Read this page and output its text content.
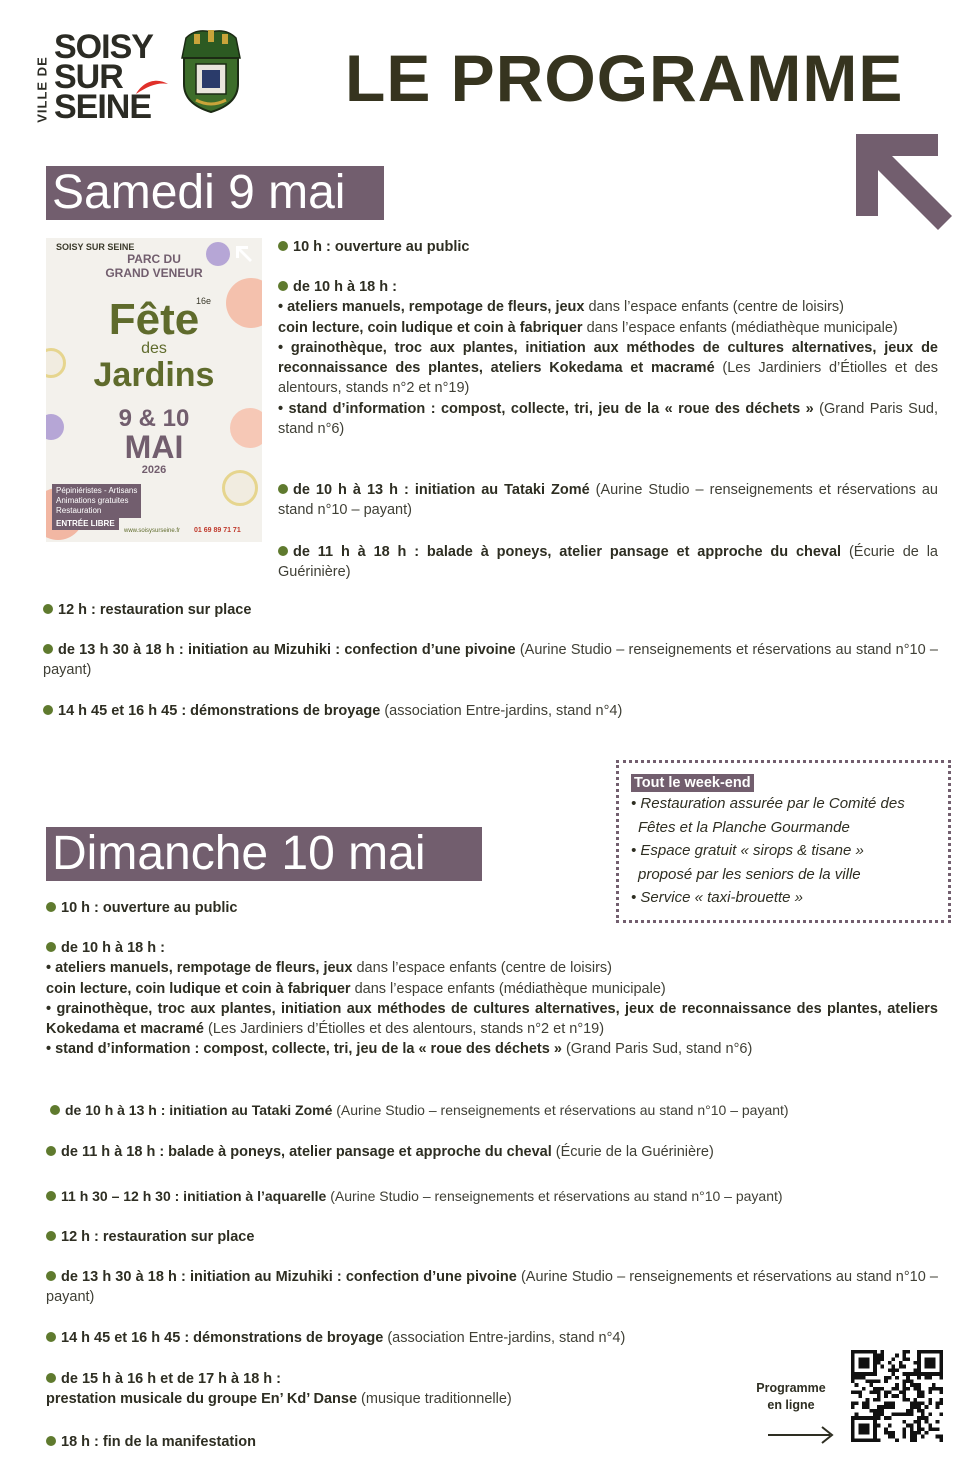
VILLE DE
SOISY
SUR
SEINE	LE PROGRAMME
Samedi 9 mai
SOISY SUR SEINE
PARC DU
GRAND VENEUR
Fête
16e
des
Jardins
9 & 10
MAI
2026
Pépiniéristes - Artisans
Animations gratuites
Restauration
ENTRÉE LIBRE
www.soisysurseine.fr 01 69 89 71 71
10 h : ouverture au public
de 10 h à 18 h :
• ateliers manuels, rempotage de fleurs, jeux dans l’espace enfants (centre de loisirs)
coin lecture, coin ludique et coin à fabriquer dans l’espace enfants (médiathèque municipale)
• grainothèque, troc aux plantes, initiation aux méthodes de cultures alternatives, jeux de reconnaissance des plantes, ateliers Kokedama et macramé (Les Jardiniers d’Étiolles et des alentours, stands n°2 et n°19)
• stand d’information : compost, collecte, tri, jeu de la « roue des déchets » (Grand Paris Sud, stand n°6)
de 10 h à 13 h : initiation au Tataki Zomé (Aurine Studio – renseignements et réservations au stand n°10 – payant)
de 11 h à 18 h : balade à poneys, atelier pansage et approche du cheval (Écurie de la Guérinière)
12 h : restauration sur place
de 13 h 30 à 18 h : initiation au Mizuhiki : confection d’une pivoine (Aurine Studio – renseignements et réservations au stand n°10 – payant)
14 h 45 et 16 h 45 : démonstrations de broyage (association Entre-jardins, stand n°4)
Tout le week-end
• Restauration assurée par le Comité des
Fêtes et la Planche Gourmande
• Espace gratuit « sirops & tisane »
proposé par les seniors de la ville
• Service « taxi-brouette »
Dimanche 10 mai
10 h : ouverture au public
de 10 h à 18 h :
• ateliers manuels, rempotage de fleurs, jeux dans l’espace enfants (centre de loisirs)
coin lecture, coin ludique et coin à fabriquer dans l’espace enfants (médiathèque municipale)
• grainothèque, troc aux plantes, initiation aux méthodes de cultures alternatives, jeux de reconnaissance des plantes, ateliers Kokedama et macramé (Les Jardiniers d’Étiolles et des alentours, stands n°2 et n°19)
• stand d’information : compost, collecte, tri, jeu de la « roue des déchets » (Grand Paris Sud, stand n°6)
de 10 h à 13 h : initiation au Tataki Zomé (Aurine Studio – renseignements et réservations au stand n°10 – payant)
de 11 h à 18 h : balade à poneys, atelier pansage et approche du cheval (Écurie de la Guérinière)
11 h 30 – 12 h 30 : initiation à l’aquarelle (Aurine Studio – renseignements et réservations au stand n°10 – payant)
12 h : restauration sur place
de 13 h 30 à 18 h : initiation au Mizuhiki : confection d’une pivoine (Aurine Studio – renseignements et réservations au stand n°10 – payant)
14 h 45 et 16 h 45 : démonstrations de broyage (association Entre-jardins, stand n°4)
de 15 h à 16 h et de 17 h à 18 h :
prestation musicale du groupe En’ Kd’ Danse (musique traditionnelle)
18 h : fin de la manifestation
Programme
en ligne
